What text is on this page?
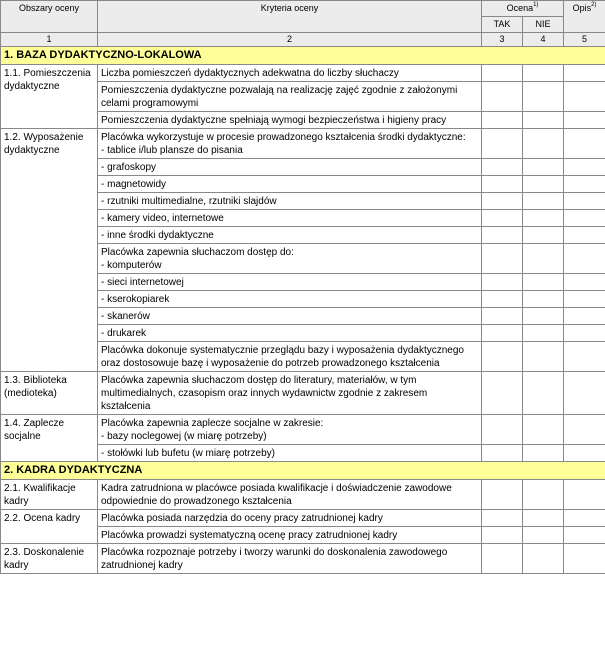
Obszary oceny	Kryteria oceny	Ocena$^{1)}$		Opis$^{2)}$
		TAK	NIE	
1	2	3	4	5
1. BAZA DYDAKTYCZNO-LOKALOWA				
1.1. Pomieszczenia dydaktyczne	Liczba pomieszczeń dydaktycznych adekwatna do liczby słuchaczy			
	Pomieszczenia dydaktyczne pozwalają na realizację zajęć zgodnie z założonymi celami programowymi			
	Pomieszczenia dydaktyczne spełniają wymogi bezpieczeństwa i higieny pracy			
1.2. Wyposażenie dydaktyczne	Placówka wykorzystuje w procesie prowadzonego kształcenia środki dydaktyczne:
- tablice i/lub plansze do pisania			
	- grafoskopy			
	- magnetowidy			
	- rzutniki multimedialne, rzutniki slajdów			
	- kamery video, internetowe			
	- inne środki dydaktyczne			
	Placówka zapewnia słuchaczom dostęp do:
- komputerów			
	- sieci internetowej			
	- kserokopiarek			
	- skanerów			
	- drukarek			
	Placówka dokonuje systematycznie przeglądu bazy i wyposażenia dydaktycznego oraz dostosowuje bazę i wyposażenie do potrzeb prowadzonego kształcenia			
1.3. Biblioteka (medioteka)	Placówka zapewnia słuchaczom dostęp do literatury, materiałów, w tym multimedialnych, czasopism oraz innych wydawnictw zgodnie z zakresem kształcenia			
1.4. Zaplecze socjalne	Placówka zapewnia zaplecze socjalne w zakresie:
- bazy noclegowej (w miarę potrzeby)			
	- stołówki lub bufetu (w miarę potrzeby)			
2. KADRA DYDAKTYCZNA				
2.1. Kwalifikacje kadry	Kadra zatrudniona w placówce posiada kwalifikacje i doświadczenie zawodowe odpowiednie do prowadzonego kształcenia			
2.2. Ocena kadry	Placówka posiada narzędzia do oceny pracy zatrudnionej kadry			
	Placówka prowadzi systematyczną ocenę pracy zatrudnionej kadry			
2.3. Doskonalenie kadry	Placówka rozpoznaje potrzeby i tworzy warunki do doskonalenia zawodowego zatrudnionej kadry			
